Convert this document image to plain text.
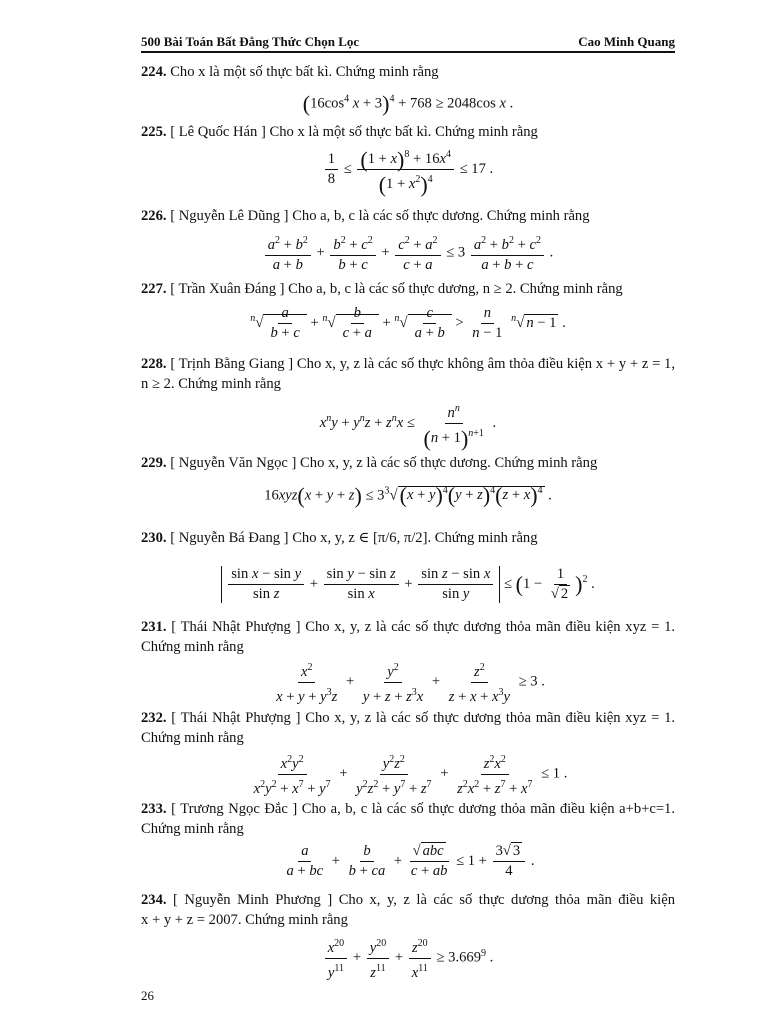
500 Bài Toán Bất Đẳng Thức Chọn Lọc	Cao Minh Quang
224. Cho x là một số thực bất kì. Chứng minh rằng
($16\cos^4$ x + 3)$^4$ + 768 ≥ 2048cos x .
225. [ Lê Quốc Hán ] Cho x là một số thực bất kì. Chứng minh rằng
$\frac{1}{8} \le \frac{(1 + x)^8 + 16x^4}{(1 + x^2)^4} \le 17$ .
226. [ Nguyễn Lê Dũng ] Cho a, b, c là các số thực dương. Chứng minh rằng
$\frac{a^2 + b^2}{a + b} + \frac{b^2 + c^2}{b + c} + \frac{c^2 + a^2}{c + a} \le 3 \frac{a^2 + b^2 + c^2}{a + b + c}$ .
227. [ Trần Xuân Đáng ] Cho a, b, c là các số thực dương, n ≥ 2. Chứng minh rằng
$^n√ \frac{a}{b + c} + ^n√ \frac{b}{c + a} + ^n√ \frac{c}{a + b} > \frac{n}{n - 1} ^n√$ n − 1 .
228. [ Trịnh Bằng Giang ] Cho x, y, z là các số thực không âm thỏa điều kiện x + y + z = 1,
n ≥ 2. Chứng minh rằng
$x^ny + y^nz + z^nx \le \frac{n^n}{(n + 1)^{n+1}}$ .
229. [ Nguyễn Văn Ngọc ] Cho x, y, z là các số thực dương. Chứng minh rằng
$16xyz(x + y + z) \le 3^3√(x + y)^4(y + z)^4(z + x)^4$ .
230. [ Nguyễn Bá Đang ] Cho x, y, z ∈ [π/6, π/2]. Chứng minh rằng
$\frac{\text{sin x − sin y}}{\text{sin z}} + \frac{\text{sin y − sin z}}{\text{sin x}} + \frac{\text{sin z − sin x}}{\text{sin y}} \le (1 - \frac{1}{√ 2} )^2$ .
231. [ Thái Nhật Phượng ] Cho x, y, z là các số thực dương thỏa mãn điều kiện xyz = 1.
Chứng minh rằng
$\frac{x^2}{x + y + y^3z} + \frac{y^2}{y + z + z^3x} + \frac{z^2}{z + x + x^3y} \ge 3$ .
232. [ Thái Nhật Phượng ] Cho x, y, z là các số thực dương thỏa mãn điều kiện xyz = 1.
Chứng minh rằng
$\frac{x^2y^2}{x^2y^2 + x^7 + y^7} + \frac{y^2z^2}{y^2z^2 + y^7 + z^7} + \frac{z^2x^2}{z^2x^2 + z^7 + x^7} \le 1$ .
233. [ Trương Ngọc Đắc ] Cho a, b, c là các số thực dương thỏa mãn điều kiện a+b+c=1.
Chứng minh rằng
$\frac{a}{a + bc} + \frac{b}{b + ca} + \frac{\text{√ abc}}{c + ab} \le 1 + \frac{3√ 3}{4}$ .
234. [ Nguyễn Minh Phương ] Cho x, y, z là các số thực dương thỏa mãn điều kiện
x + y + z = 2007. Chứng minh rằng
$\frac{x^{20}}{y^{11}} + \frac{y^{20}}{z^{11}} + \frac{z^{20}}{x^{11}} \ge 3.669^9$ .
26
